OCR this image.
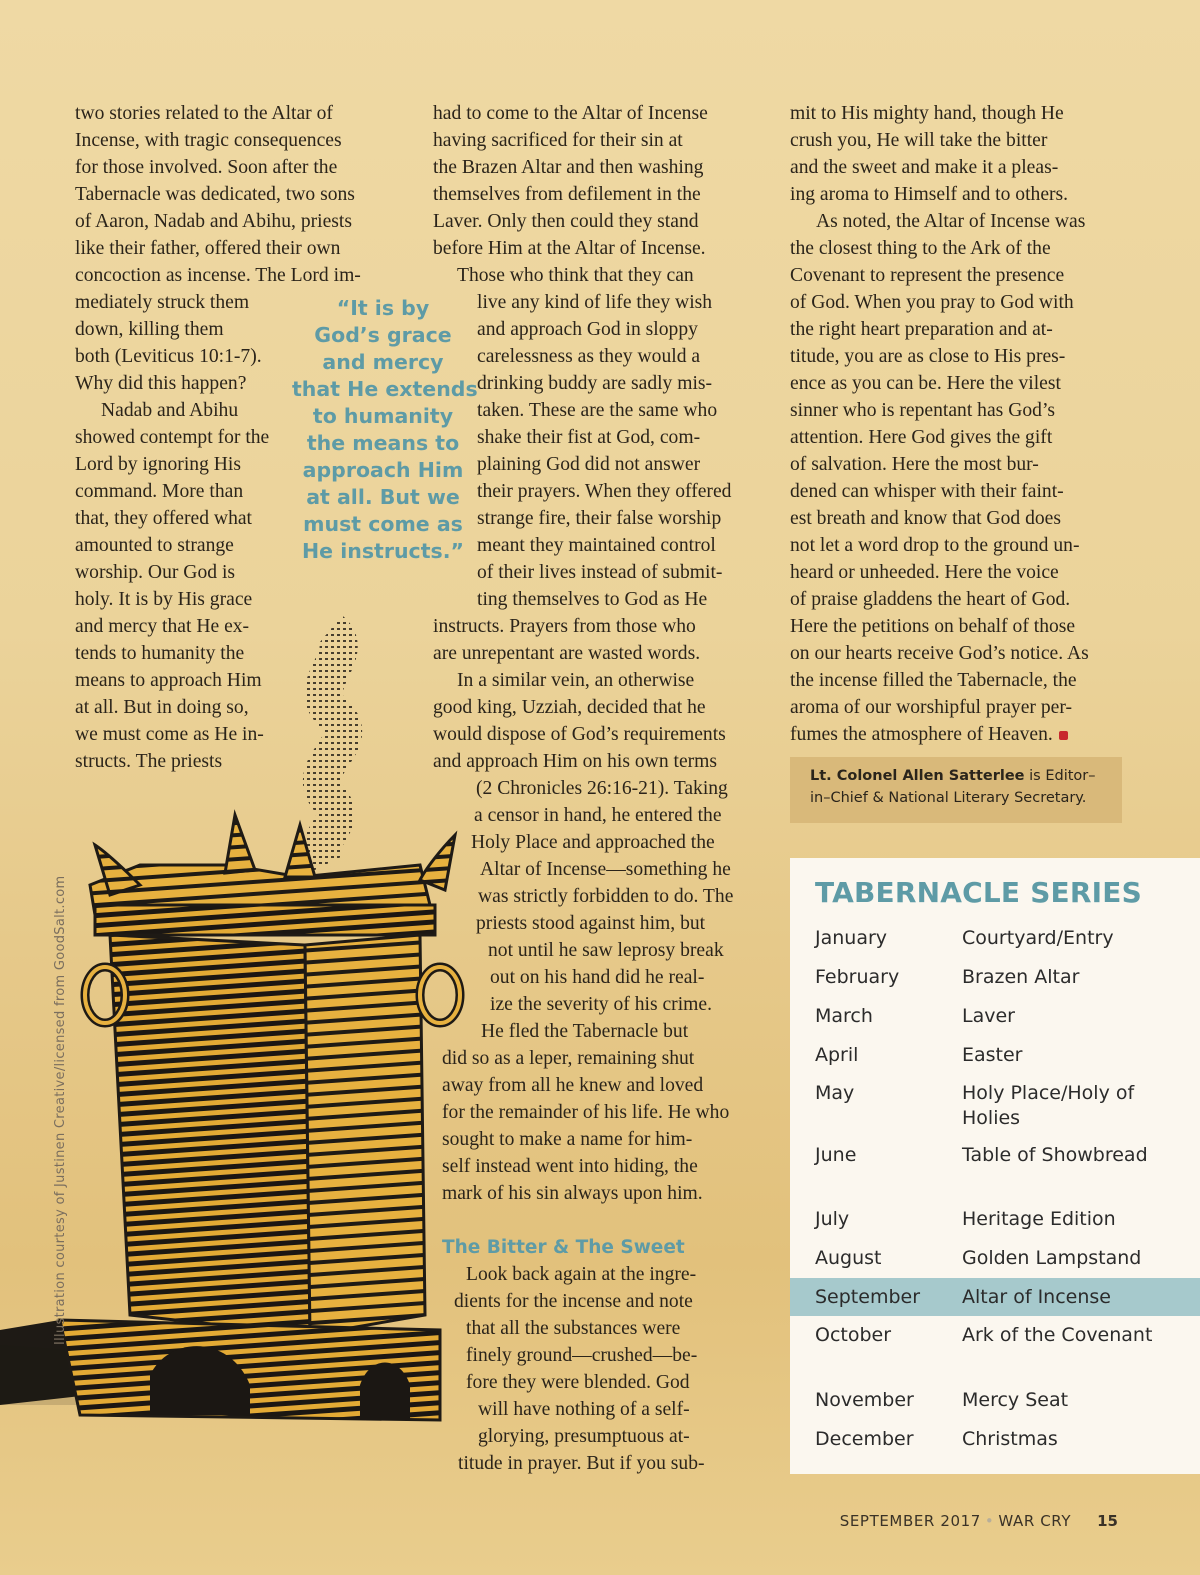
two stories related to the Altar of
Incense, with tragic consequences
for those involved. Soon after the
Tabernacle was dedicated, two sons
of Aaron, Nadab and Abihu, priests
like their father, offered their own
concoction as incense. The Lord im-
mediately struck them
down, killing them
both (Leviticus 10:1-7).
Why did this happen?
Nadab and Abihu
showed contempt for the
Lord by ignoring His
command. More than
that, they offered what
amounted to strange
worship. Our God is
holy. It is by His grace
and mercy that He ex-
tends to humanity the
means to approach Him
at all. But in doing so,
we must come as He in-
structs. The priests
“It is by
God’s grace
and mercy
that He extends
to humanity
the means to
approach Him
at all. But we
must come as
He instructs.”
had to come to the Altar of Incense
having sacrificed for their sin at
the Brazen Altar and then washing
themselves from defilement in the
Laver. Only then could they stand
before Him at the Altar of Incense.
Those who think that they can
live any kind of life they wish
and approach God in sloppy
carelessness as they would a
drinking buddy are sadly mis-
taken. These are the same who
shake their fist at God, com-
plaining God did not answer
their prayers. When they offered
strange fire, their false worship
meant they maintained control
of their lives instead of submit-
ting themselves to God as He
instructs. Prayers from those who
are unrepentant are wasted words.
In a similar vein, an otherwise
good king, Uzziah, decided that he
would dispose of God’s requirements
and approach Him on his own terms
(2 Chronicles 26:16-21). Taking
a censor in hand, he entered the
Holy Place and approached the
Altar of Incense—something he
was strictly forbidden to do. The
priests stood against him, but
not until he saw leprosy break
out on his hand did he real-
ize the severity of his crime.
He fled the Tabernacle but
did so as a leper, remaining shut
away from all he knew and loved
for the remainder of his life. He who
sought to make a name for him-
self instead went into hiding, the
mark of his sin always upon him.
The Bitter & The Sweet
Look back again at the ingre-
dients for the incense and note
that all the substances were
finely ground—crushed—be-
fore they were blended. God
will have nothing of a self-
glorying, presumptuous at-
titude in prayer. But if you sub-
mit to His mighty hand, though He
crush you, He will take the bitter
and the sweet and make it a pleas-
ing aroma to Himself and to others.
As noted, the Altar of Incense was
the closest thing to the Ark of the
Covenant to represent the presence
of God. When you pray to God with
the right heart preparation and at-
titude, you are as close to His pres-
ence as you can be. Here the vilest
sinner who is repentant has God’s
attention. Here God gives the gift
of salvation. Here the most bur-
dened can whisper with their faint-
est breath and know that God does
not let a word drop to the ground un-
heard or unheeded. Here the voice
of praise gladdens the heart of God.
Here the petitions on behalf of those
on our hearts receive God’s notice. As
the incense filled the Tabernacle, the
aroma of our worshipful prayer per-
fumes the atmosphere of Heaven.
Lt. Colonel Allen Satterlee is Editor–
in–Chief & National Literary Secretary.
TABERNACLE SERIES
January	Courtyard/Entry
February	Brazen Altar
March	Laver
April	Easter
May	Holy Place/Holy of Holies
June	Table of Showbread
July	Heritage Edition
August	Golden Lampstand
September Altar of Incense
October	Ark of the Covenant
November	Mercy Seat
December	Christmas
Illustration courtesy of Justinen Creative/licensed from GoodSalt.com
SEPTEMBER 2017 • WAR CRY 15
